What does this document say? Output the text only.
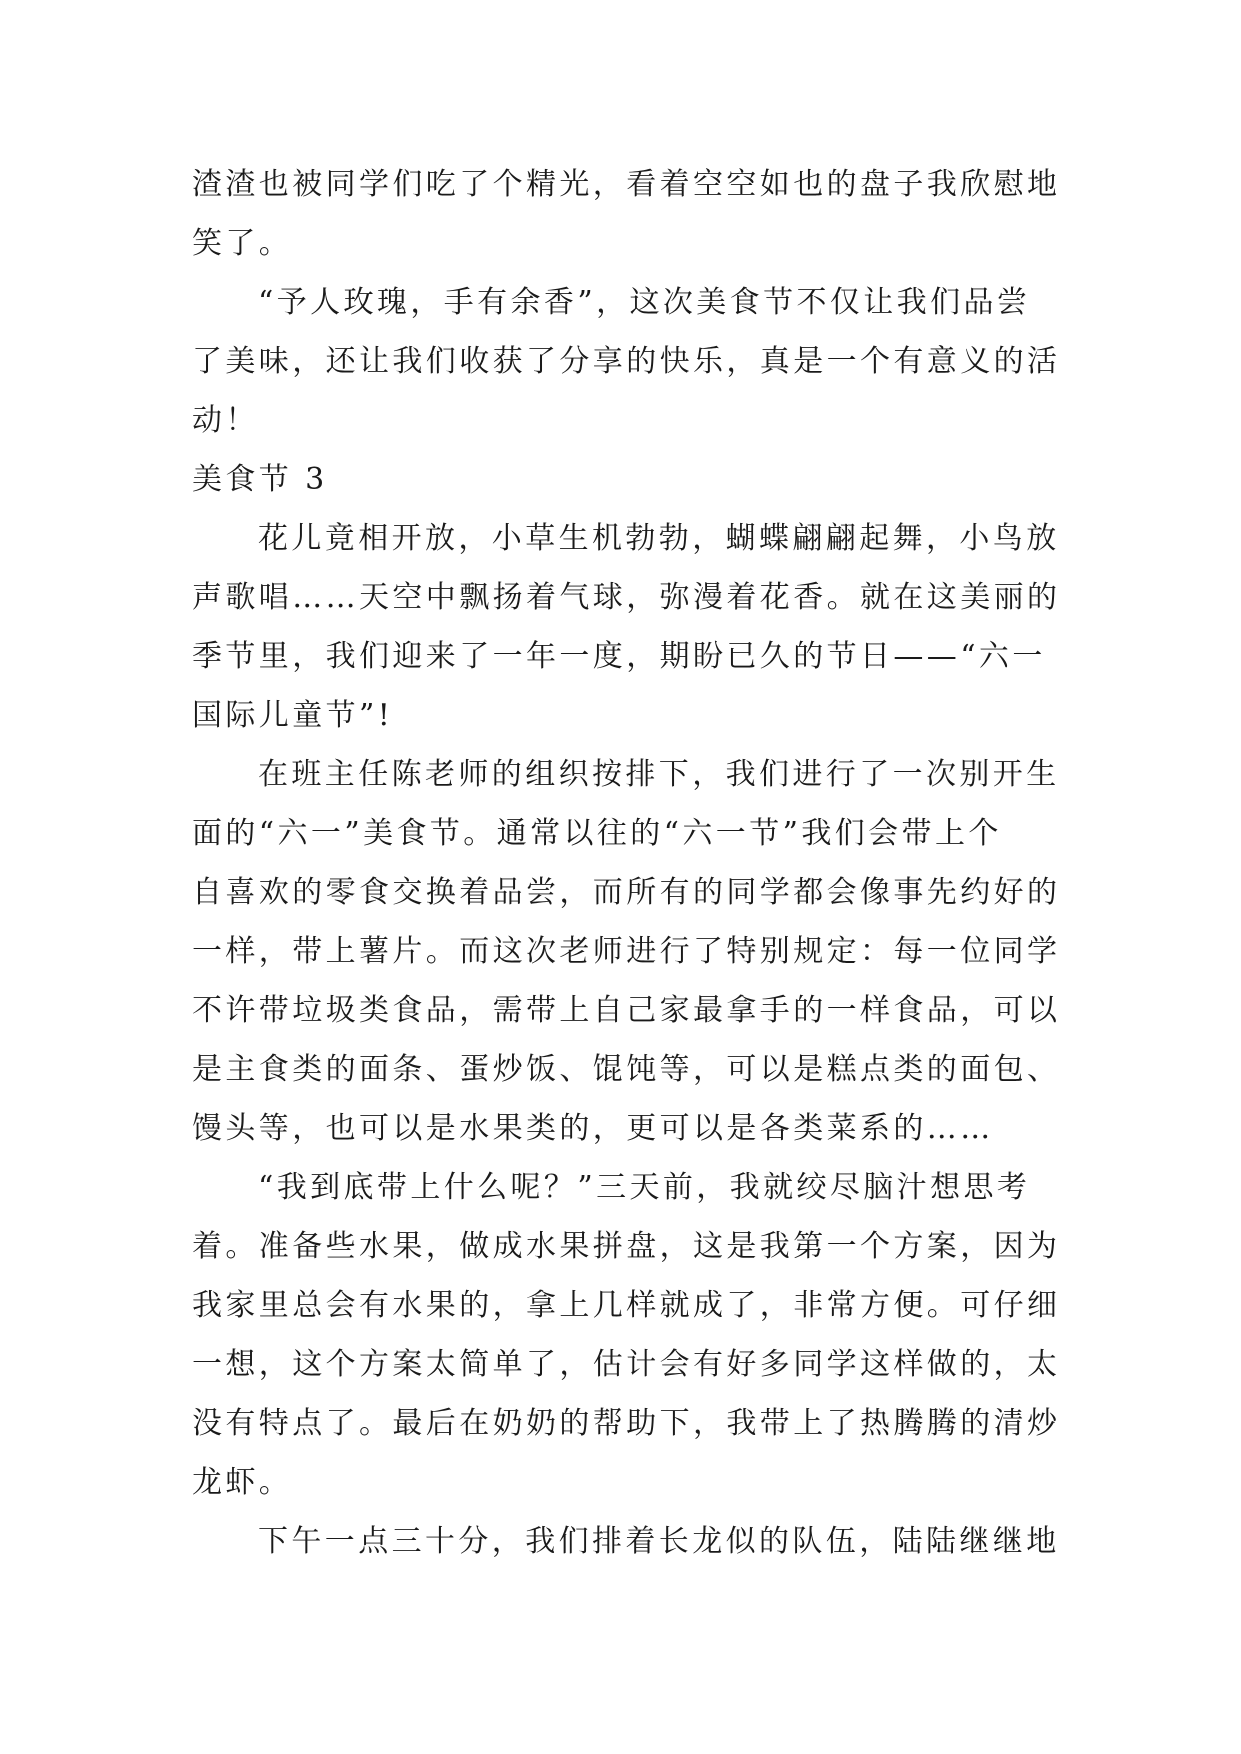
渣渣也被同学们吃了个精光，看着空空如也的盘子我欣慰地
笑了。
“予人玫瑰，手有余香”，这次美食节不仅让我们品尝
了美味，还让我们收获了分享的快乐，真是一个有意义的活
动！
美食节 3
花儿竟相开放，小草生机勃勃，蝴蝶翩翩起舞，小鸟放
声歌唱……天空中飘扬着气球，弥漫着花香。就在这美丽的
季节里，我们迎来了一年一度，期盼已久的节日——“六一
国际儿童节”!
在班主任陈老师的组织按排下，我们进行了一次别开生
面的“六一”美食节。通常以往的“六一节”我们会带上个
自喜欢的零食交换着品尝，而所有的同学都会像事先约好的
一样，带上薯片。而这次老师进行了特别规定：每一位同学
不许带垃圾类食品，需带上自己家最拿手的一样食品，可以
是主食类的面条、蛋炒饭、馄饨等，可以是糕点类的面包、
馒头等，也可以是水果类的，更可以是各类菜系的……
“我到底带上什么呢？”三天前，我就绞尽脑汁想思考
着。准备些水果，做成水果拼盘，这是我第一个方案，因为
我家里总会有水果的，拿上几样就成了，非常方便。可仔细
一想，这个方案太简单了，估计会有好多同学这样做的，太
没有特点了。最后在奶奶的帮助下，我带上了热腾腾的清炒
龙虾。
下午一点三十分，我们排着长龙似的队伍，陆陆继继地
